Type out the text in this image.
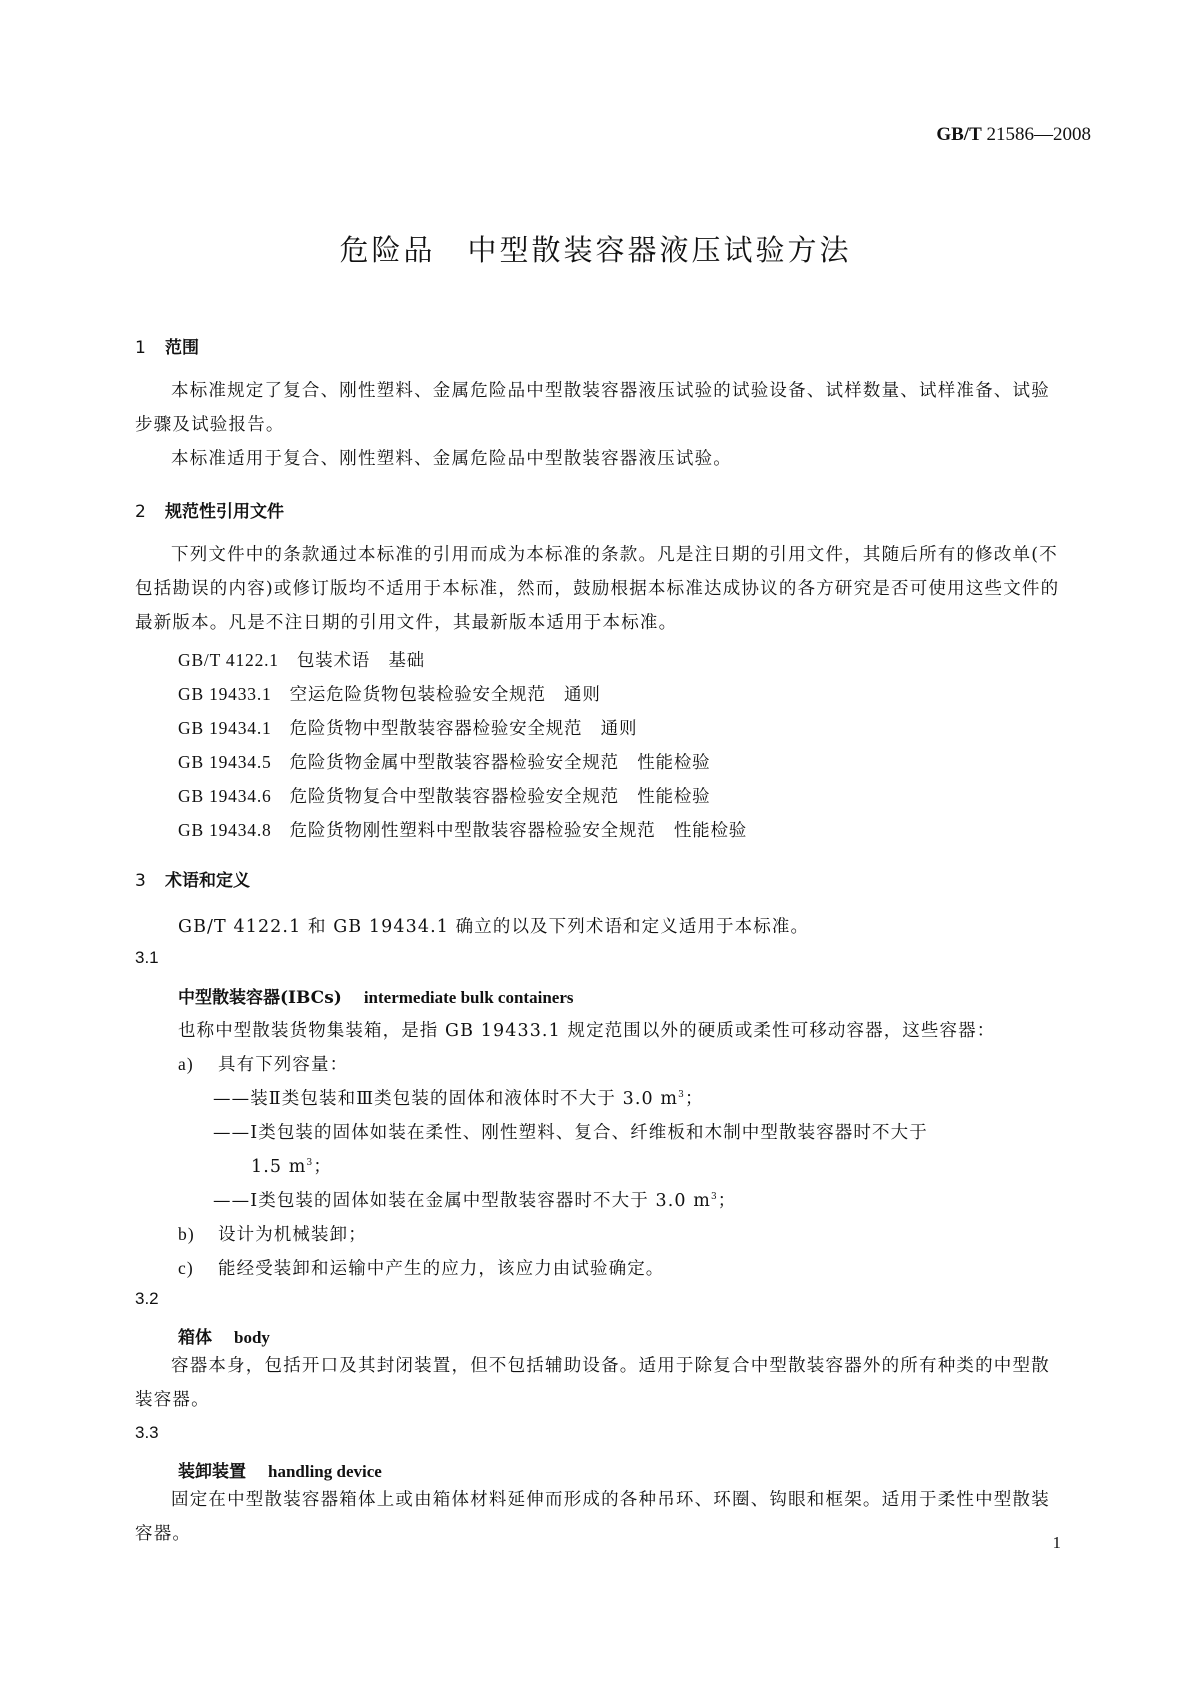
GB/T 21586—2008
危险品　中型散装容器液压试验方法
1 范围
本标准规定了复合、刚性塑料、金属危险品中型散装容器液压试验的试验设备、试样数量、试样准备、试验步骤及试验报告。
本标准适用于复合、刚性塑料、金属危险品中型散装容器液压试验。
2 规范性引用文件
下列文件中的条款通过本标准的引用而成为本标准的条款。凡是注日期的引用文件，其随后所有的修改单(不包括勘误的内容)或修订版均不适用于本标准，然而，鼓励根据本标准达成协议的各方研究是否可使用这些文件的最新版本。凡是不注日期的引用文件，其最新版本适用于本标准。
GB/T 4122.1 包装术语　基础
GB 19433.1 空运危险货物包装检验安全规范　通则
GB 19434.1 危险货物中型散装容器检验安全规范　通则
GB 19434.5 危险货物金属中型散装容器检验安全规范　性能检验
GB 19434.6 危险货物复合中型散装容器检验安全规范　性能检验
GB 19434.8 危险货物刚性塑料中型散装容器检验安全规范　性能检验
3 术语和定义
GB/T 4122.1 和 GB 19434.1 确立的以及下列术语和定义适用于本标准。
3.1
中型散装容器(IBCs) intermediate bulk containers
也称中型散装货物集装箱，是指 GB 19433.1 规定范围以外的硬质或柔性可移动容器，这些容器：
a) 具有下列容量：
——装Ⅱ类包装和Ⅲ类包装的固体和液体时不大于 3.0 $m^3$；
——Ⅰ类包装的固体如装在柔性、刚性塑料、复合、纤维板和木制中型散装容器时不大于
1.5 $m^3$；
——Ⅰ类包装的固体如装在金属中型散装容器时不大于 3.0 $m^3$；
b) 设计为机械装卸；
c) 能经受装卸和运输中产生的应力，该应力由试验确定。
3.2
箱体 body
容器本身，包括开口及其封闭装置，但不包括辅助设备。适用于除复合中型散装容器外的所有种类的中型散装容器。
3.3
装卸装置 handling device
固定在中型散装容器箱体上或由箱体材料延伸而形成的各种吊环、环圈、钩眼和框架。适用于柔性中型散装容器。	1
